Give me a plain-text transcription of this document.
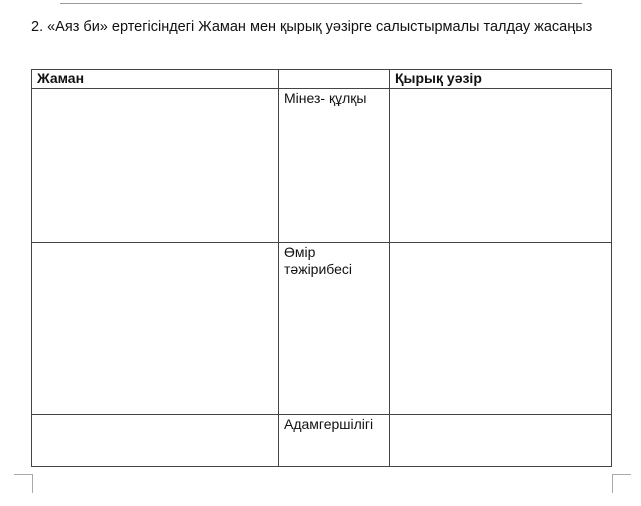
2. «Аяз би» ертегісіндегі Жаман мен қырық уәзірге салыстырмалы талдау жасаңыз
Жаман		Қырық уәзір
	Мінез- құлқы	
	Өмір тәжірибесі	
	Адамгершілігі	
